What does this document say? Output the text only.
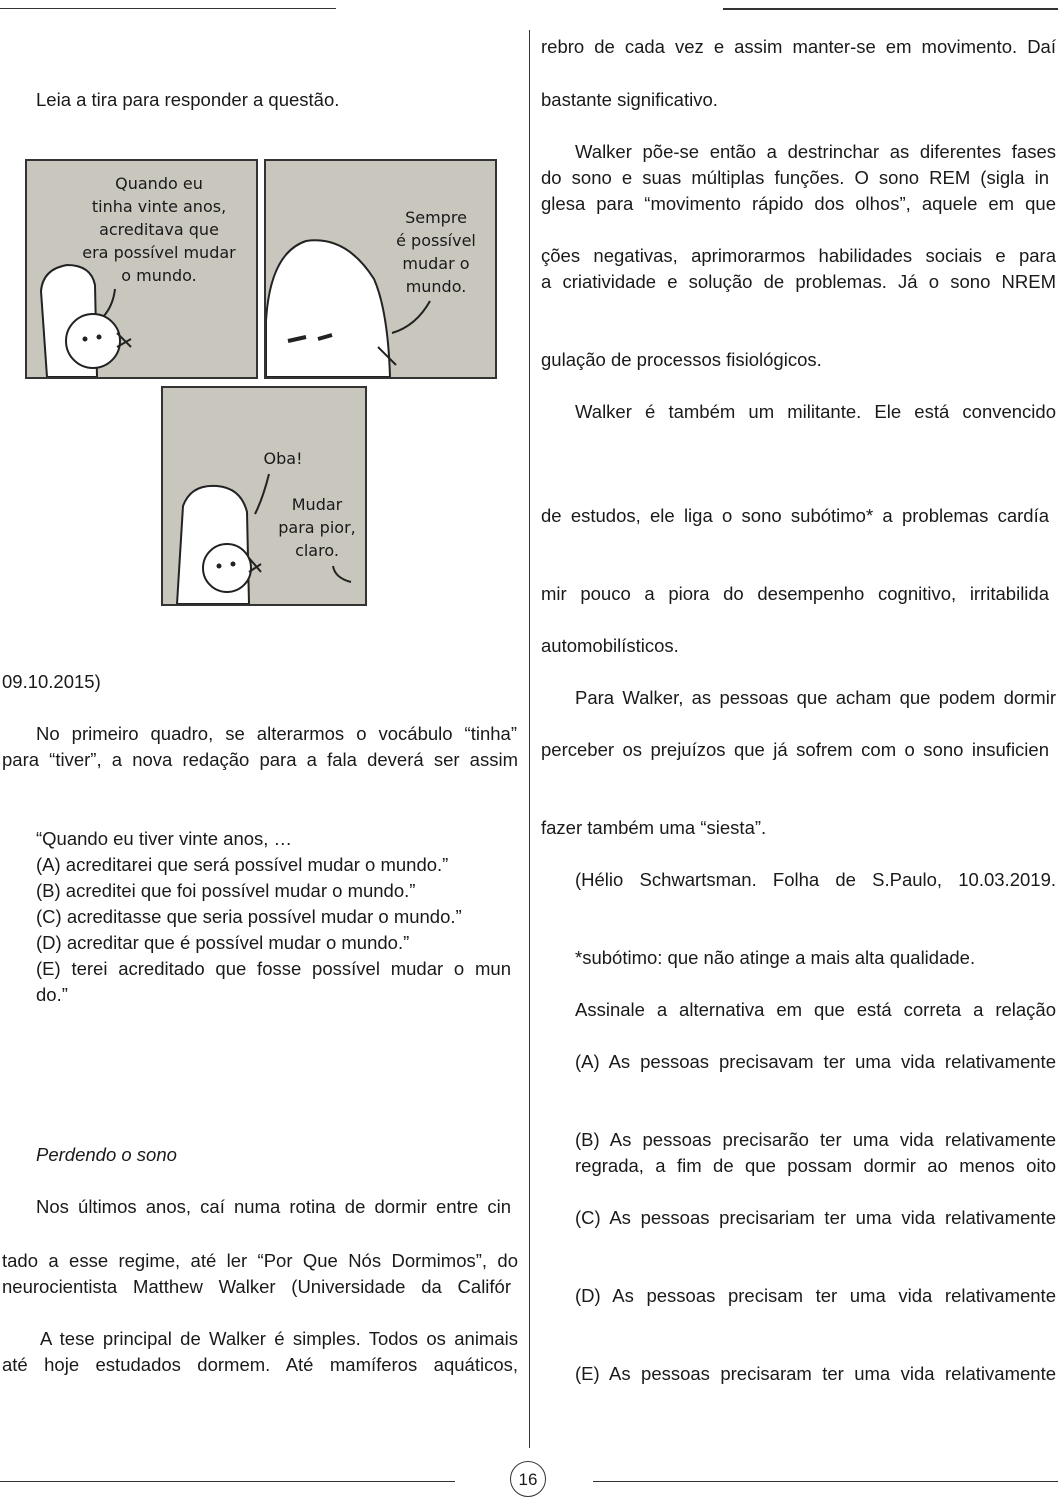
Leia a tira para responder a questão.
Quando eu
tinha vinte anos,
acreditava que
era possível mudar
o mundo.
Sempre
é possível
mudar o
mundo.
Oba!
Mudar
para pior,
claro.
09.10.2015)
No primeiro quadro, se alterarmos o vocábulo “tinha”
para “tiver”, a nova redação para a fala deverá ser assim
“Quando eu tiver vinte anos, …
(A) acreditarei que será possível mudar o mundo.”
(B) acreditei que foi possível mudar o mundo.”
(C) acreditasse que seria possível mudar o mundo.”
(D) acreditar que é possível mudar o mundo.”
(E) terei acreditado que fosse possível mudar o mun
do.”
Perdendo o sono
Nos últimos anos, caí numa rotina de dormir entre cin
tado a esse regime, até ler “Por Que Nós Dormimos”, do
neurocientista Matthew Walker (Universidade da Califór
A tese principal de Walker é simples. Todos os animais
até hoje estudados dormem. Até mamíferos aquáticos,
rebro de cada vez e assim manter-se em movimento. Daí
bastante significativo.
Walker põe-se então a destrinchar as diferentes fases
do sono e suas múltiplas funções. O sono REM (sigla in
glesa para “movimento rápido dos olhos”, aquele em que
ções negativas, aprimorarmos habilidades sociais e para
a criatividade e solução de problemas. Já o sono NREM
gulação de processos fisiológicos.
Walker é também um militante. Ele está convencido
de estudos, ele liga o sono subótimo* a problemas cardía
mir pouco a piora do desempenho cognitivo, irritabilida
automobilísticos.
Para Walker, as pessoas que acham que podem dormir
perceber os prejuízos que já sofrem com o sono insuficien
fazer também uma “siesta”.
(Hélio Schwartsman. Folha de S.Paulo, 10.03.2019.
*subótimo: que não atinge a mais alta qualidade.
Assinale a alternativa em que está correta a relação
(A) As pessoas precisavam ter uma vida relativamente
(B) As pessoas precisarão ter uma vida relativamente
regrada, a fim de que possam dormir ao menos oito
(C) As pessoas precisariam ter uma vida relativamente
(D) As pessoas precisam ter uma vida relativamente
(E) As pessoas precisaram ter uma vida relativamente
16
